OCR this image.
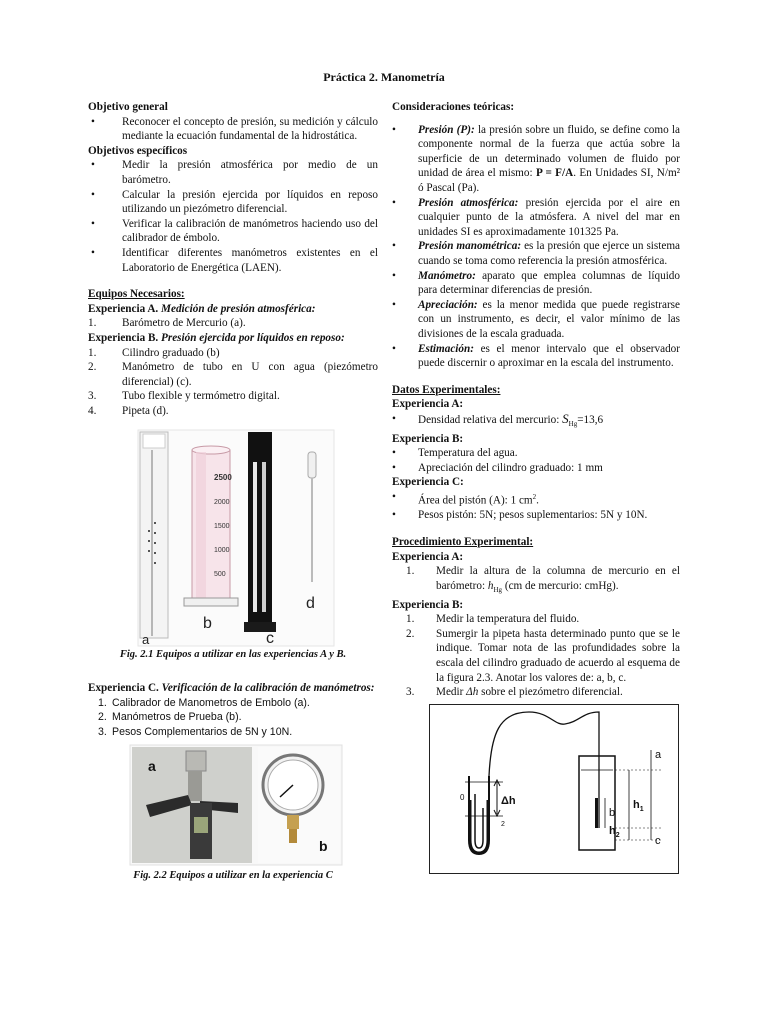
Práctica 2. Manometría
Objetivo general
• Reconocer el concepto de presión, su medición y cálculo mediante la ecuación fundamental de la hidrostática.
Objetivos específicos
• Medir la presión atmosférica por medio de un barómetro.
• Calcular la presión ejercida por líquidos en reposo utilizando un piezómetro diferencial.
• Verificar la calibración de manómetros haciendo uso del calibrador de émbolo.
• Identificar diferentes manómetros existentes en el Laboratorio de Energética (LAEN).
Equipos Necesarios:
Experiencia A. Medición de presión atmosférica:
1.	Barómetro de Mercurio (a).
Experiencia B. Presión ejercida por líquidos en reposo:
1.	Cilindro graduado (b)
2.	Manómetro de tubo en U con agua (piezómetro diferencial) (c).
3.	Tubo flexible y termómetro digital.
4.	Pipeta (d).
a
2500
2000
1500
1000
500
b
c
d
Fig. 2.1 Equipos a utilizar en las experiencias A y B.
Experiencia C. Verificación de la calibración de manómetros:
1. Calibrador de Manometros de Embolo (a).
2. Manómetros de Prueba (b).
3. Pesos Complementarios de 5N y 10N.
a
b
Fig. 2.2 Equipos a utilizar en la experiencia C
Consideraciones teóricas:
• Presión (P): la presión sobre un fluido, se define como la componente normal de la fuerza que actúa sobre la superficie de un determinado volumen de fluido por unidad de área el mismo: P = F/A. En Unidades SI, N/m² ó Pascal (Pa).
• Presión atmosférica: presión ejercida por el aire en cualquier punto de la atmósfera. A nivel del mar en unidades SI es aproximadamente 101325 Pa.
• Presión manométrica: es la presión que ejerce un sistema cuando se toma como referencia la presión atmosférica.
• Manómetro: aparato que emplea columnas de líquido para determinar diferencias de presión.
• Apreciación: es la menor medida que puede registrarse con un instrumento, es decir, el valor mínimo de las divisiones de la escala graduada.
• Estimación: es el menor intervalo que el observador puede discernir o aproximar en la escala del instrumento.
Datos Experimentales:
Experiencia A:
• Densidad relativa del mercurio: $S_{Hg}=13,6$
Experiencia B:
• Temperatura del agua.
• Apreciación del cilindro graduado: 1 mm
Experiencia C:
• Área del pistón (A): 1 $cm^2$.
• Pesos pistón: 5N; pesos suplementarios: 5N y 10N.
Procedimiento Experimental:
Experiencia A:
1.	Medir la altura de la columna de mercurio en el barómetro: $h_{Hg}$ (cm de mercurio: cmHg).
Experiencia B:
1.	Medir la temperatura del fluido.
2.	Sumergir la pipeta hasta determinado punto que se le indique. Tomar nota de las profundidades sobre la escala del cilindro graduado de acuerdo al esquema de la figura 2.3. Anotar los valores de: a, b, c.
3.	Medir Δh sobre el piezómetro diferencial.
Δh
0
2
a
b
c
$h_1$
$h_2$
